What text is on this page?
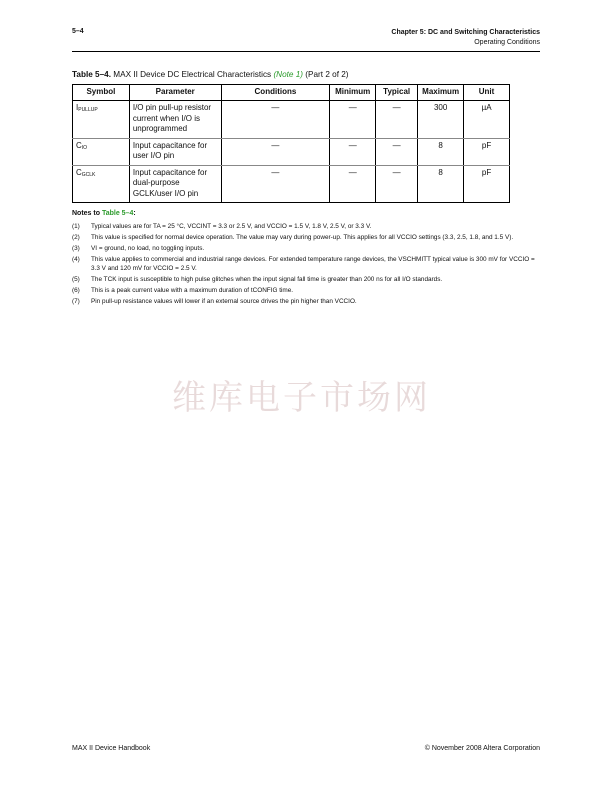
5–4	Chapter 5: DC and Switching Characteristics
Operating Conditions
Table 5–4. MAX II Device DC Electrical Characteristics (Note 1) (Part 2 of 2)
Symbol	Parameter	Conditions	Minimum	Typical	Maximum	Unit
$I_{PULLUP}$	I/O pin pull-up resistor current when I/O is unprogrammed	—	—	—	300	µA
$C_{IO}$	Input capacitance for user I/O pin	—	—	—	8	pF
$C_{GCLK}$	Input capacitance for dual-purpose GCLK/user I/O pin	—	—	—	8	pF
Notes to Table 5–4:
(1)	Typical values are for TA = 25 °C, VCCINT = 3.3 or 2.5 V, and VCCIO = 1.5 V, 1.8 V, 2.5 V, or 3.3 V.
(2)	This value is specified for normal device operation. The value may vary during power-up. This applies for all VCCIO settings (3.3, 2.5, 1.8, and 1.5 V).
(3)	VI = ground, no load, no toggling inputs.
(4)	This value applies to commercial and industrial range devices. For extended temperature range devices, the VSCHMITT typical value is 300 mV for VCCIO = 3.3 V and 120 mV for VCCIO = 2.5 V.
(5)	The TCK input is susceptible to high pulse glitches when the input signal fall time is greater than 200 ns for all I/O standards.
(6)	This is a peak current value with a maximum duration of tCONFIG time.
(7)	Pin pull-up resistance values will lower if an external source drives the pin higher than VCCIO.
维库电子市场网
MAX II Device Handbook	© November 2008 Altera Corporation
